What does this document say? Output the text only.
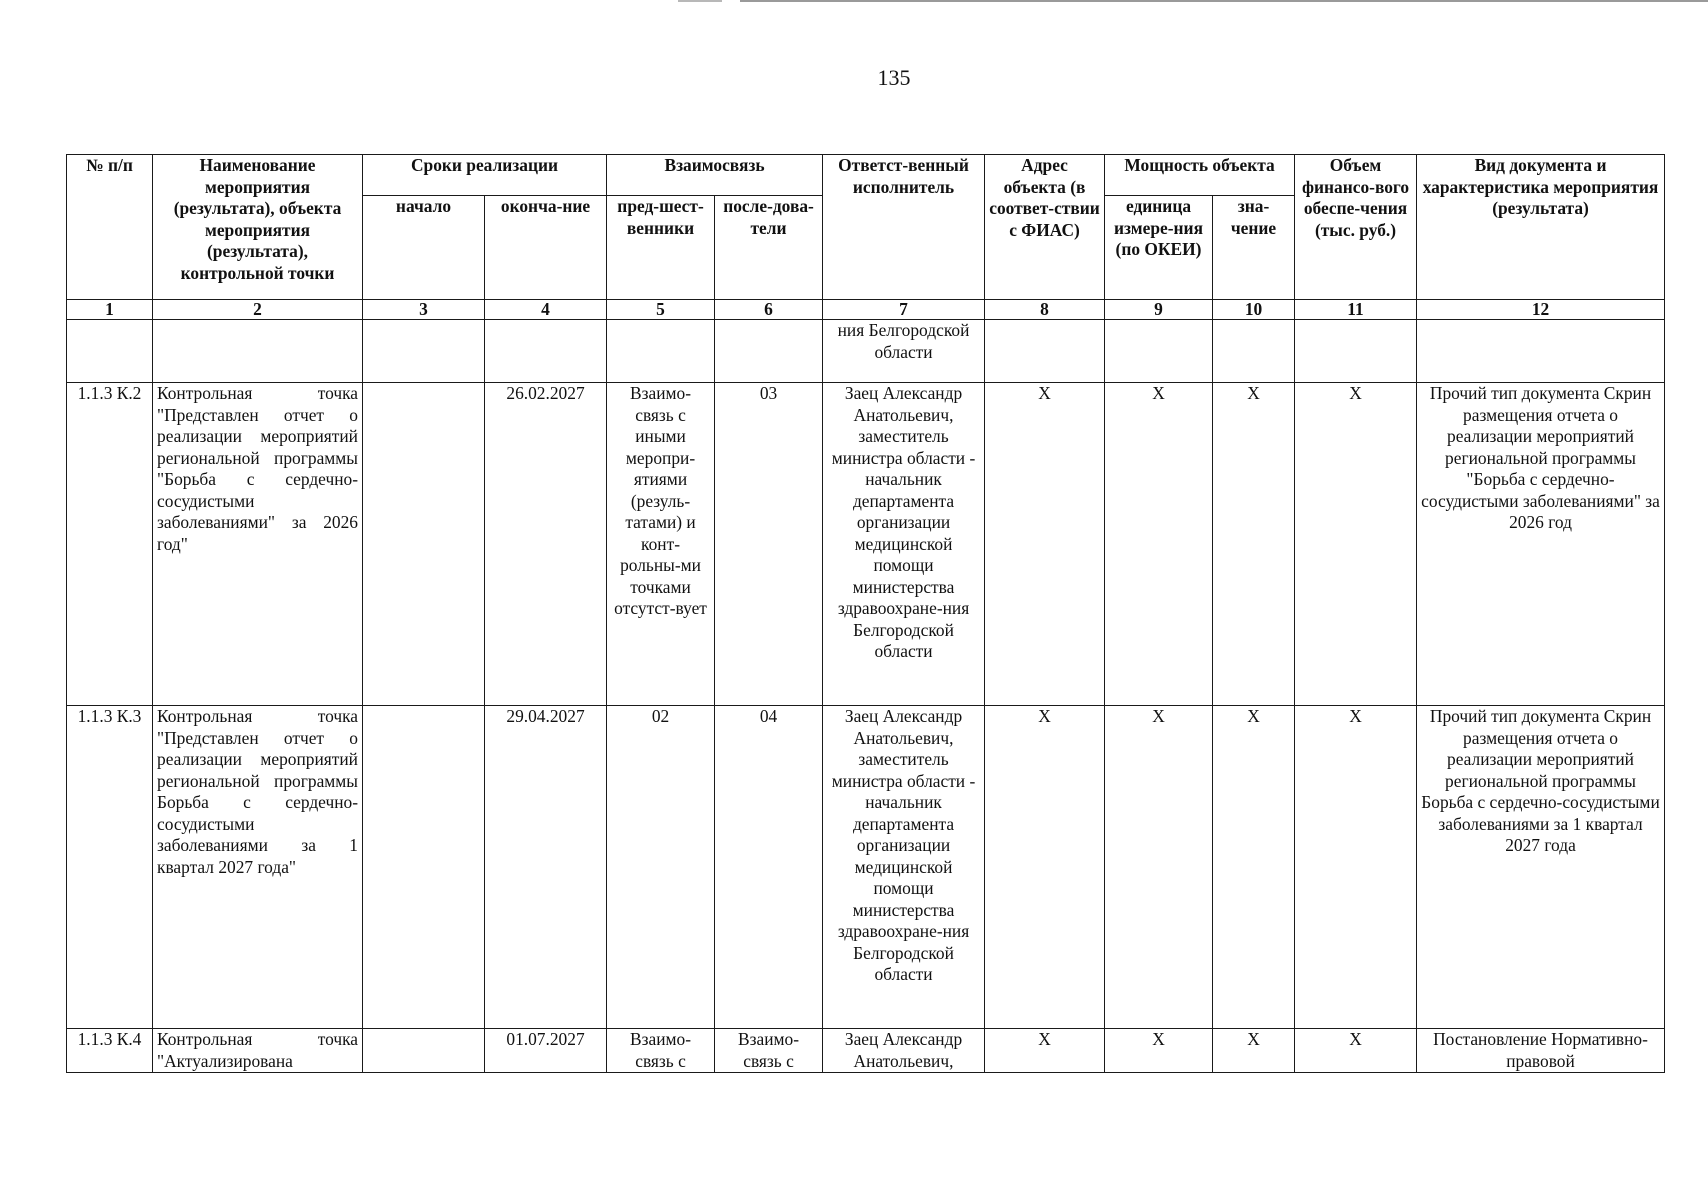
135
№ п/п	Наименование мероприятия (результата), объекта мероприятия (результата), контрольной точки	Сроки реализации		Взаимосвязь		Ответст-венный исполнитель	Адрес объекта (в соответ-ствии с ФИАС)	Мощность объекта		Объем финансо-вого обеспе-чения (тыс. руб.)	Вид документа и характеристика мероприятия (результата)
		начало	оконча-ние	пред-шест-венники	после-дова-тели			единица измере-ния (по ОКЕИ)	зна-чение		
1	2	3	4	5	6	7	8	9	10	11	12
						ния Белгородской области					
1.1.3 К.2	Контрольная точка "Представлен отчет о реализации мероприятий региональной программы "Борьба с сердечно-сосудистыми заболеваниями" за 2026 год"		26.02.2027	Взаимо-связь с иными меропри-ятиями (резуль-татами) и конт-рольны-ми точками отсутст-вует	03	Заец Александр Анатольевич, заместитель министра области - начальник департамента организации медицинской помощи министерства здравоохране-ния Белгородской области	X	X	X	X	Прочий тип документа Скрин размещения отчета о реализации мероприятий региональной программы "Борьба с сердечно-сосудистыми заболеваниями" за 2026 год
1.1.3 К.3	Контрольная точка "Представлен отчет о реализации мероприятий региональной программы Борьба с сердечно-сосудистыми заболеваниями за 1 квартал 2027 года"		29.04.2027	02	04	Заец Александр Анатольевич, заместитель министра области - начальник департамента организации медицинской помощи министерства здравоохране-ния Белгородской области	X	X	X	X	Прочий тип документа Скрин размещения отчета о реализации мероприятий региональной программы Борьба с сердечно-сосудистыми заболеваниями за 1 квартал 2027 года
1.1.3 К.4	Контрольная точка "Актуализирована		01.07.2027	Взаимо-связь с	Взаимо-связь с	Заец Александр Анатольевич,	X	X	X	X	Постановление Нормативно-правовой
